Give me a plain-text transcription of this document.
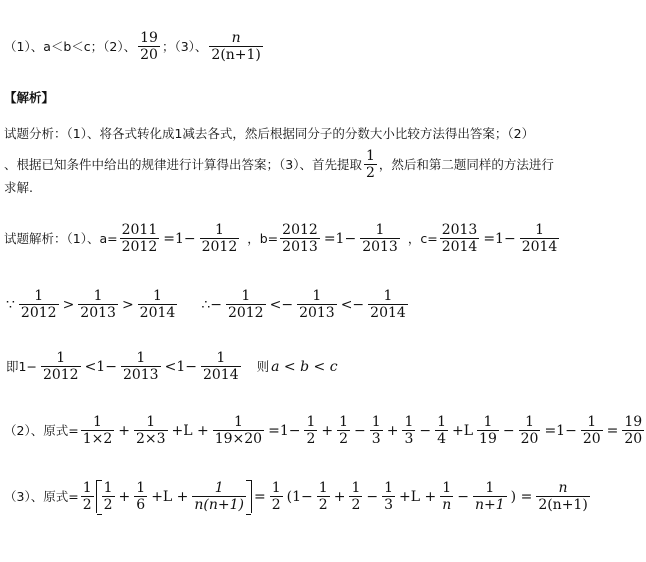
（1）、a＜b＜c；（2）、 $\frac{19}{20}$ ；（3）、 $\frac{n}{2(n+1)}$
【解析】
试题分析：（1）、将各式转化成1减去各式，然后根据同分子的分数大小比较方法得出答案；（2）
、根据已知条件中给出的规律进行计算得出答案；（3）、首先提取 $\frac{1}{2}$ ，然后和第二题同样的方法进行
求解.
试题解析：（1）、$a= \frac{2011}{2012} =1- \frac{1}{2012}$ ，$b= \frac{2012}{2013} =1- \frac{1}{2013}$ ，$c= \frac{2013}{2014} =1- \frac{1}{2014}$
∵ $\frac{1}{2012} > \frac{1}{2013} > \frac{1}{2014}$ ∴− $\frac{1}{2012} <- \frac{1}{2013} <- \frac{1}{2014}$
即$1- \frac{1}{2012} <1- \frac{1}{2013} <1- \frac{1}{2014}$ 则 a < b < c
（2）、原式= $\frac{1}{1\times 2} + \frac{1}{2\times 3} +L + \frac{1}{19\times 20} =1- \frac{1}{2} + \frac{1}{2} - \frac{1}{3} + \frac{1}{3} - \frac{1}{4} +L \frac{1}{19} - \frac{1}{20} =1- \frac{1}{20} = \frac{19}{20}$
（3）、原式= $\frac{1}{2} \frac{1}{2} + \frac{1}{6} +L + \frac{1}{n(n+1)} = \frac{1}{2} (1- \frac{1}{2} + \frac{1}{2} - \frac{1}{3} +L + \frac{1}{n} - \frac{1}{n+1}$ ) = $\frac{n}{2(n+1)}$
